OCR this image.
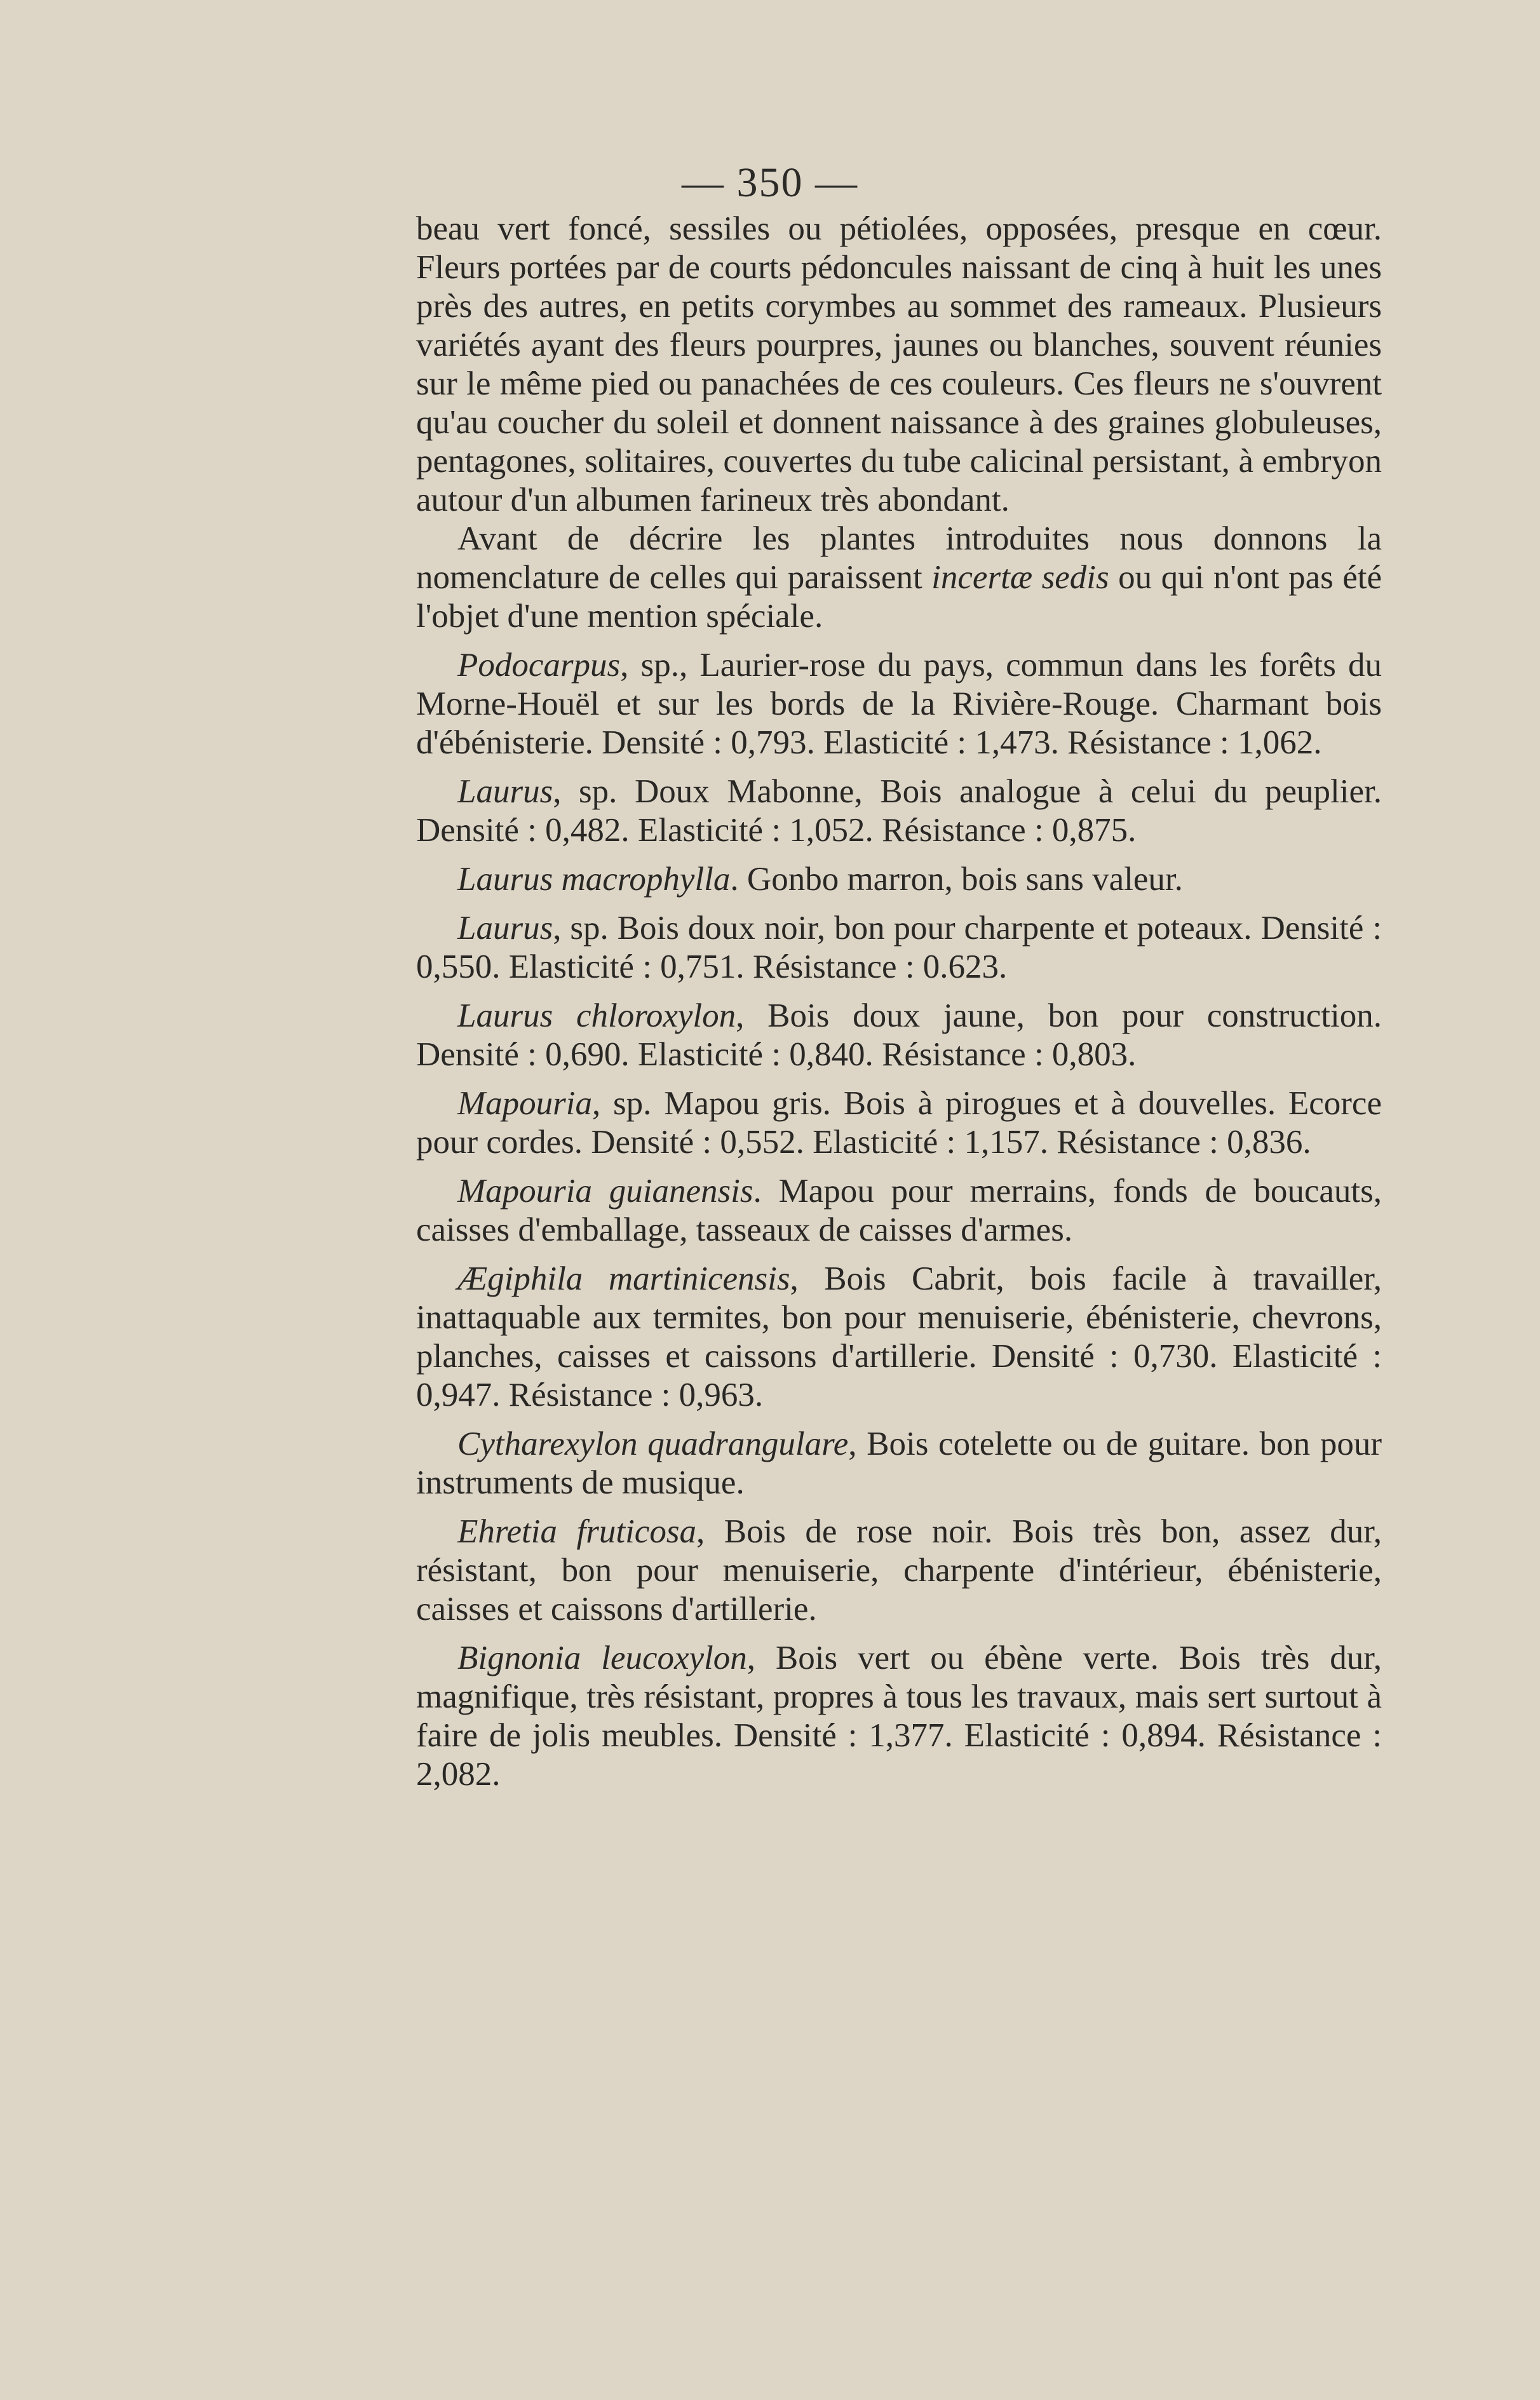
— 350 —

beau vert foncé, sessiles ou pétiolées, opposées, presque en cœur. Fleurs portées par de courts pédoncules naissant de cinq à huit les unes près des autres, en petits corymbes au sommet des rameaux. Plusieurs variétés ayant des fleurs pourpres, jaunes ou blanches, souvent réunies sur le même pied ou panachées de ces couleurs. Ces fleurs ne s'ouvrent qu'au coucher du soleil et donnent naissance à des graines globuleuses, pentagones, solitaires, couvertes du tube calicinal persistant, à embryon autour d'un albumen farineux très abondant.

Avant de décrire les plantes introduites nous donnons la nomenclature de celles qui paraissent incertæ sedis ou qui n'ont pas été l'objet d'une mention spéciale.

Podocarpus, sp., Laurier-rose du pays, commun dans les forêts du Morne-Houël et sur les bords de la Rivière-Rouge. Charmant bois d'ébénisterie. Densité : 0,793. Elasticité : 1,473. Résistance : 1,062.

Laurus, sp. Doux Mabonne, Bois analogue à celui du peuplier. Densité : 0,482. Elasticité : 1,052. Résistance : 0,875.

Laurus macrophylla. Gonbo marron, bois sans valeur.

Laurus, sp. Bois doux noir, bon pour charpente et poteaux. Densité : 0,550. Elasticité : 0,751. Résistance : 0.623.

Laurus chloroxylon, Bois doux jaune, bon pour construction. Densité : 0,690. Elasticité : 0,840. Résistance : 0,803.

Mapouria, sp. Mapou gris. Bois à pirogues et à douvelles. Ecorce pour cordes. Densité : 0,552. Elasticité : 1,157. Résistance : 0,836.

Mapouria guianensis. Mapou pour merrains, fonds de boucauts, caisses d'emballage, tasseaux de caisses d'armes.

Ægiphila martinicensis, Bois Cabrit, bois facile à travailler, inattaquable aux termites, bon pour menuiserie, ébénisterie, chevrons, planches, caisses et caissons d'artillerie. Densité : 0,730. Elasticité : 0,947. Résistance : 0,963.

Cytharexylon quadrangulare, Bois cotelette ou de guitare. bon pour instruments de musique.

Ehretia fruticosa, Bois de rose noir. Bois très bon, assez dur, résistant, bon pour menuiserie, charpente d'intérieur, ébénisterie, caisses et caissons d'artillerie.

Bignonia leucoxylon, Bois vert ou ébène verte. Bois très dur, magnifique, très résistant, propres à tous les travaux, mais sert surtout à faire de jolis meubles. Densité : 1,377. Elasticité : 0,894. Résistance : 2,082.
